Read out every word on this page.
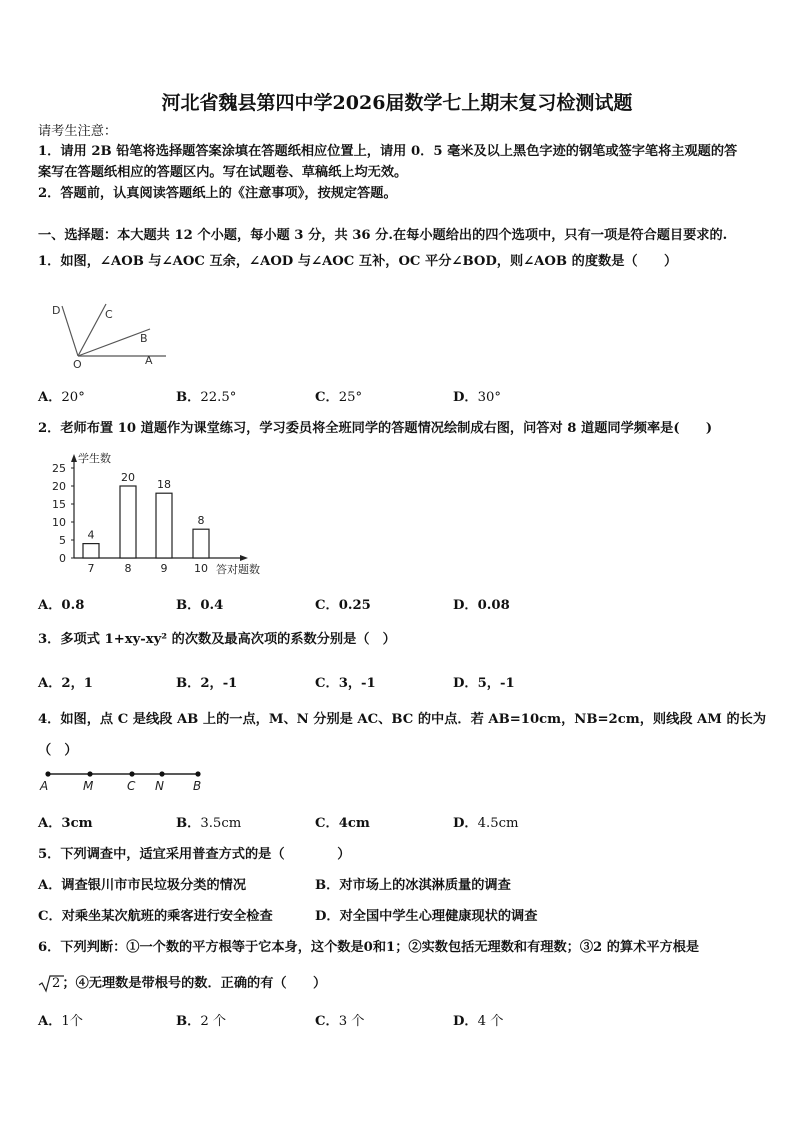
河北省魏县第四中学2026届数学七上期末复习检测试题
请考生注意：
1．请用 2B 铅笔将选择题答案涂填在答题纸相应位置上，请用 0．5 毫米及以上黑色字迹的钢笔或签字笔将主观题的答
案写在答题纸相应的答题区内。写在试题卷、草稿纸上均无效。
2．答题前，认真阅读答题纸上的《注意事项》，按规定答题。
一、选择题：本大题共 12 个小题，每小题 3 分，共 36 分.在每小题给出的四个选项中，只有一项是符合题目要求的.
1．如图，∠AOB 与∠AOC 互余，∠AOD 与∠AOC 互补，OC 平分∠BOD，则∠AOB 的度数是（　　）
D	C
B
A
O
A．20°	B．22.5°	C．25°	D．30°
2．老师布置 10 道题作为课堂练习，学习委员将全班同学的答题情况绘制成右图，问答对 8 道题同学频率是(　　)
0
5
10
15
20
25
4
7
20
8
18
9
8
10
学生数
答对题数
A．0.8	B．0.4	C．0.25	D．0.08
3．多项式 1+xy-xy² 的次数及最高次项的系数分别是（　）
A．2，1	B．2，-1	C．3，-1	D．5，-1
4．如图，点 C 是线段 AB 上的一点，M、N 分别是 AC、BC 的中点．若 AB=10cm，NB=2cm，则线段 AM 的长为
（　）
A	M	C N B
A．3cm	B．3.5cm	C．4cm	D．4.5cm
5．下列调查中，适宜采用普查方式的是（　　　　）
A．调查银川市市民垃圾分类的情况	B．对市场上的冰淇淋质量的调查
C．对乘坐某次航班的乘客进行安全检查	D．对全国中学生心理健康现状的调查
6．下列判断：①一个数的平方根等于它本身，这个数是0和1；②实数包括无理数和有理数；③2 的算术平方根是
2 ；④无理数是带根号的数．正确的有（　　）
A．1个	B．2 个	C．3 个	D．4 个
